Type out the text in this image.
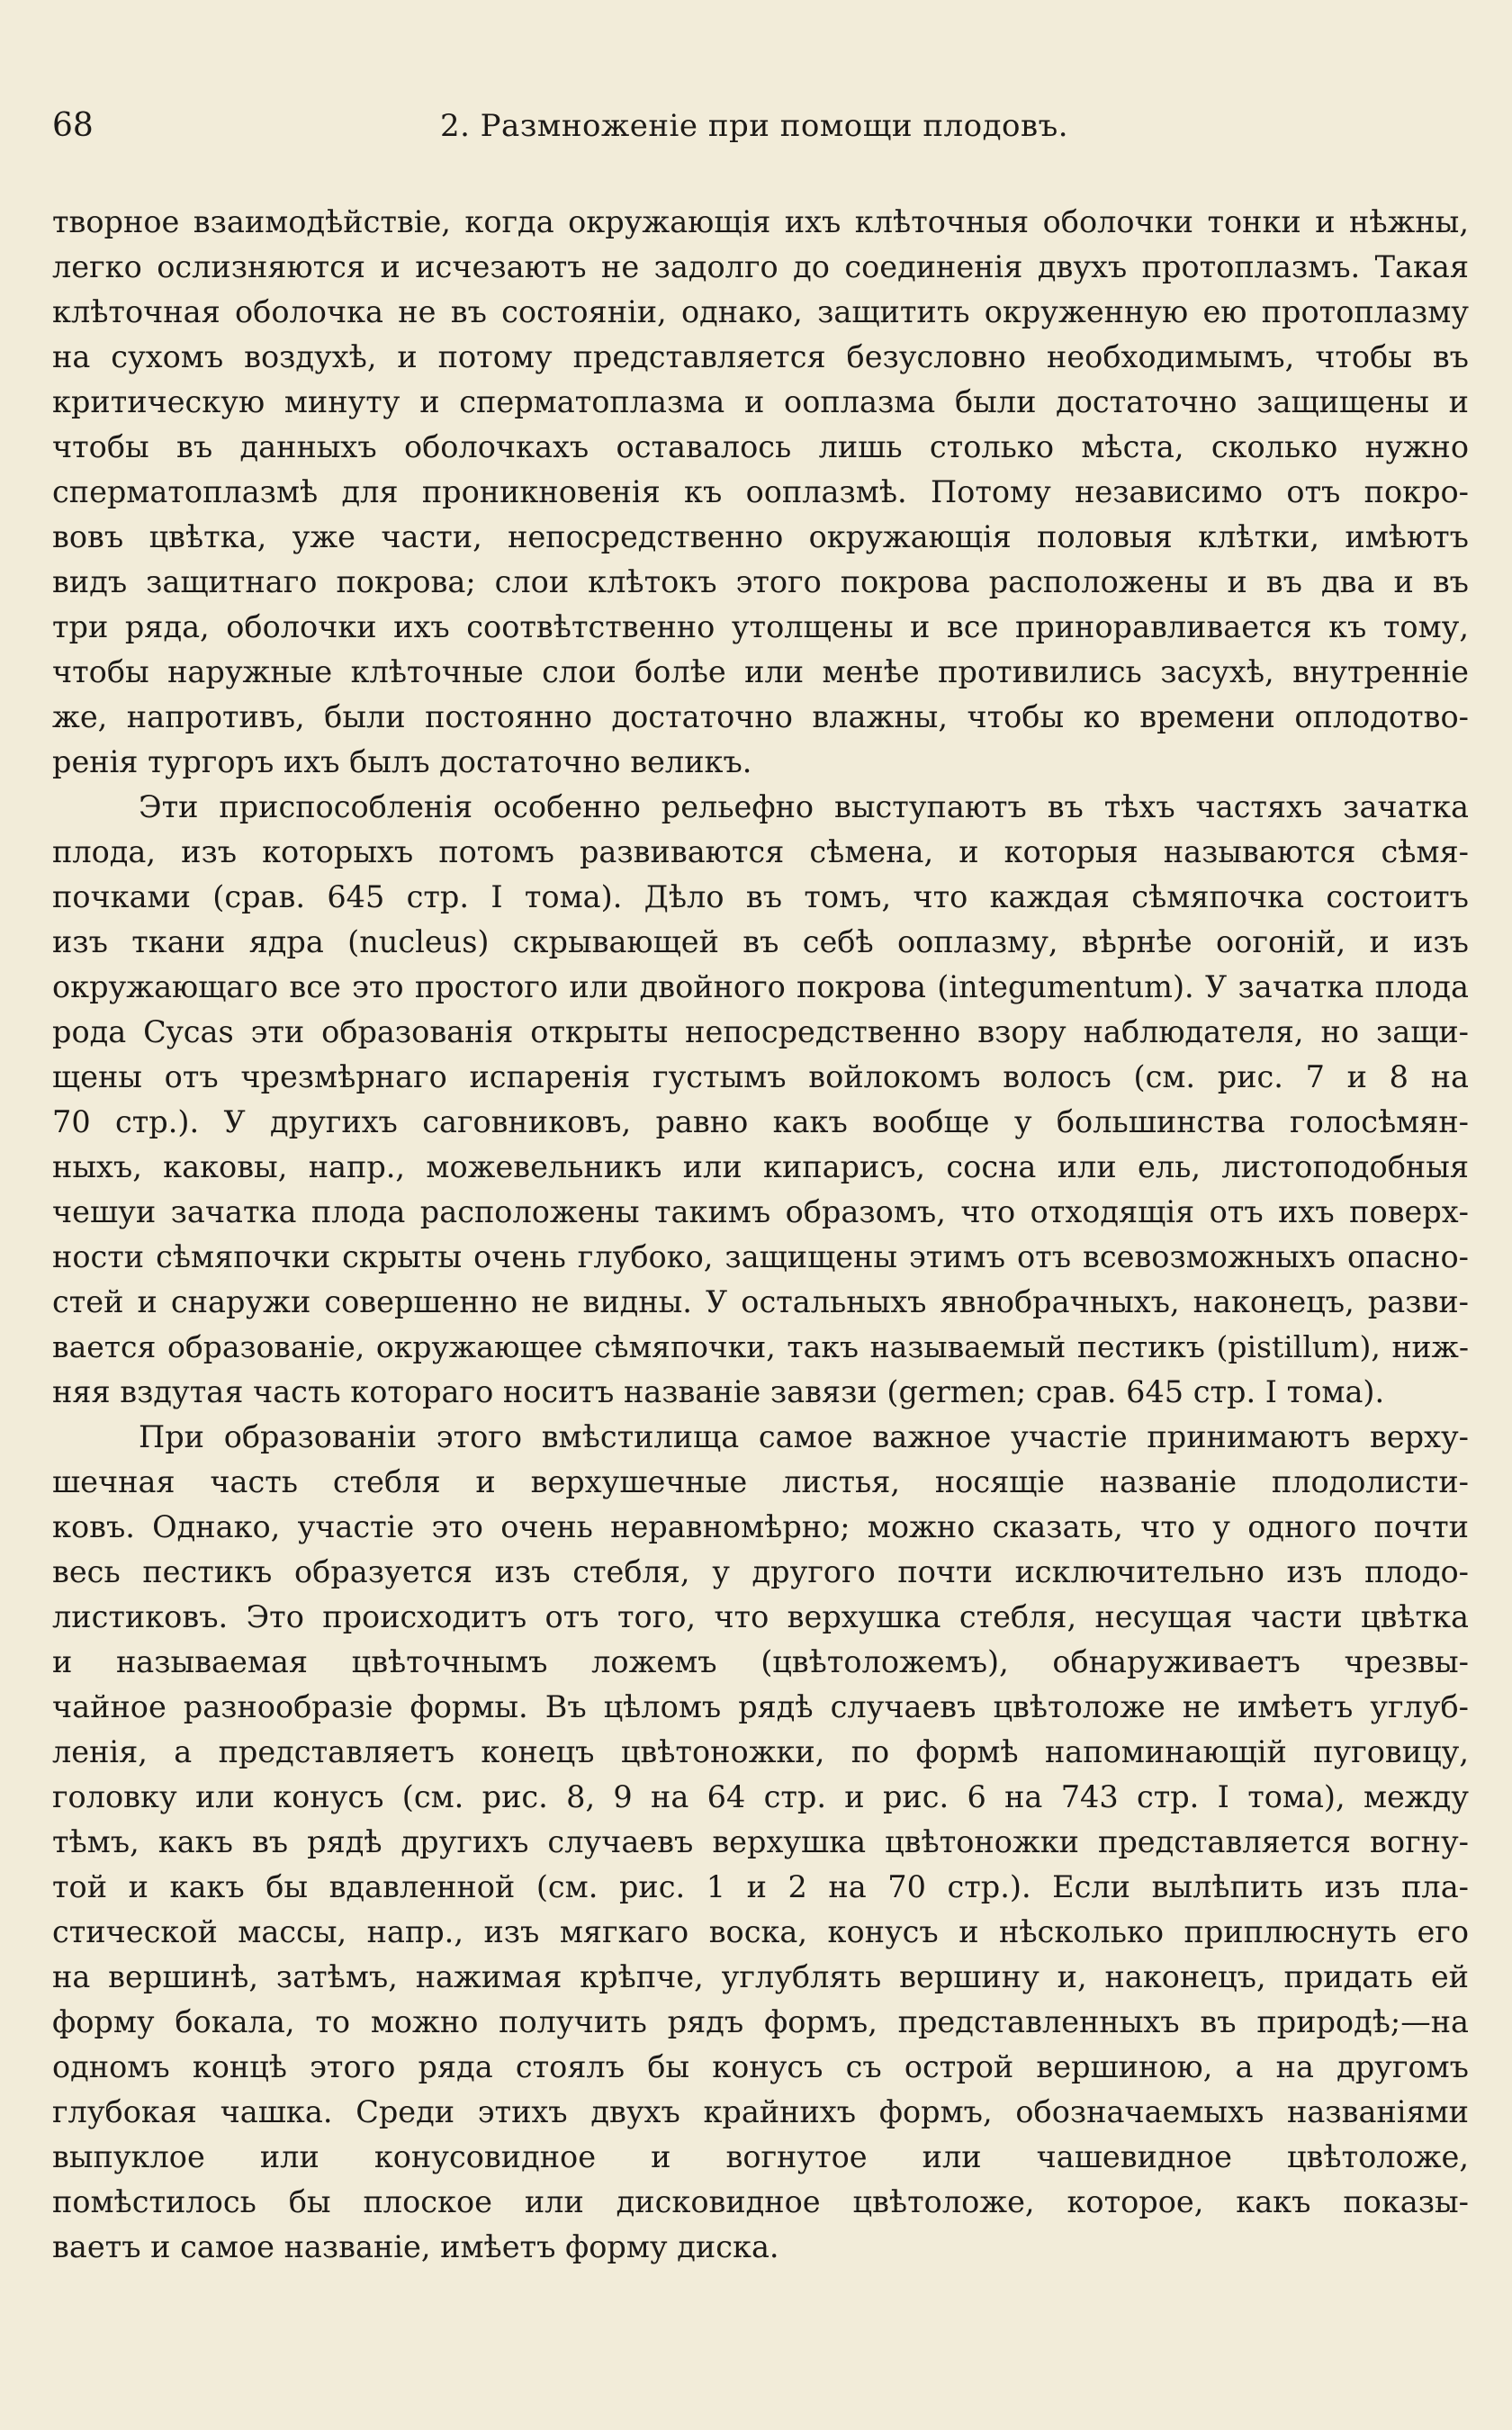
68	2. Размноженіе при помощи плодовъ.

творное взаимодѣйствіе, когда окружающія ихъ клѣточныя оболочки тонки и нѣжны,
легко ослизняются и исчезаютъ не задолго до соединенія двухъ протоплазмъ. Такая
клѣточная оболочка не въ состояніи, однако, защитить окруженную ею протоплазму
на сухомъ воздухѣ, и потому представляется безусловно необходимымъ, чтобы въ
критическую минуту и сперматоплазма и ооплазма были достаточно защищены и
чтобы въ данныхъ оболочкахъ оставалось лишь столько мѣста, сколько нужно
сперматоплазмѣ для проникновенія къ ооплазмѣ. Потому независимо отъ покро-
вовъ цвѣтка, уже части, непосредственно окружающія половыя клѣтки, имѣютъ
видъ защитнаго покрова; слои клѣтокъ этого покрова расположены и въ два и въ
три ряда, оболочки ихъ соотвѣтственно утолщены и все приноравливается къ тому,
чтобы наружные клѣточные слои болѣе или менѣе противились засухѣ, внутренніе
же, напротивъ, были постоянно достаточно влажны, чтобы ко времени оплодотво-
ренія тургоръ ихъ былъ достаточно великъ.

Эти приспособленія особенно рельефно выступаютъ въ тѣхъ частяхъ зачатка
плода, изъ которыхъ потомъ развиваются сѣмена, и которыя называются сѣмя-
почками (срав. 645 стр. I тома). Дѣло въ томъ, что каждая сѣмяпочка состоитъ
изъ ткани ядра (nucleus) скрывающей въ себѣ ооплазму, вѣрнѣе оогоній, и изъ
окружающаго все это простого или двойного покрова (integumentum). У зачатка плода
рода Cycas эти образованія открыты непосредственно взору наблюдателя, но защи-
щены отъ чрезмѣрнаго испаренія густымъ войлокомъ волосъ (см. рис. 7 и 8 на
70 стр.). У другихъ саговниковъ, равно какъ вообще у большинства голосѣмян-
ныхъ, каковы, напр., можевельникъ или кипарисъ, сосна или ель, листоподобныя
чешуи зачатка плода расположены такимъ образомъ, что отходящія отъ ихъ поверх-
ности сѣмяпочки скрыты очень глубоко, защищены этимъ отъ всевозможныхъ опасно-
стей и снаружи совершенно не видны. У остальныхъ явнобрачныхъ, наконецъ, разви-
вается образованіе, окружающее сѣмяпочки, такъ называемый пестикъ (pistillum), ниж-
няя вздутая часть котораго носитъ названіе завязи (germen; срав. 645 стр. I тома).

При образованіи этого вмѣстилища самое важное участіе принимаютъ верху-
шечная часть стебля и верхушечные листья, носящіе названіе плодолисти-
ковъ. Однако, участіе это очень неравномѣрно; можно сказать, что у одного почти
весь пестикъ образуется изъ стебля, у другого почти исключительно изъ плодо-
листиковъ. Это происходитъ отъ того, что верхушка стебля, несущая части цвѣтка
и называемая цвѣточнымъ ложемъ (цвѣтоложемъ), обнаруживаетъ чрезвы-
чайное разнообразіе формы. Въ цѣломъ рядѣ случаевъ цвѣтоложе не имѣетъ углуб-
ленія, а представляетъ конецъ цвѣтоножки, по формѣ напоминающій пуговицу,
головку или конусъ (см. рис. 8, 9 на 64 стр. и рис. 6 на 743 стр. I тома), между
тѣмъ, какъ въ рядѣ другихъ случаевъ верхушка цвѣтоножки представляется вогну-
той и какъ бы вдавленной (см. рис. 1 и 2 на 70 стр.). Если вылѣпить изъ пла-
стической массы, напр., изъ мягкаго воска, конусъ и нѣсколько приплюснуть его
на вершинѣ, затѣмъ, нажимая крѣпче, углублять вершину и, наконецъ, придать ей
форму бокала, то можно получить рядъ формъ, представленныхъ въ природѣ;—на
одномъ концѣ этого ряда стоялъ бы конусъ съ острой вершиною, а на другомъ
глубокая чашка. Среди этихъ двухъ крайнихъ формъ, обозначаемыхъ названіями
выпуклое или конусовидное и вогнутое или чашевидное цвѣтоложе,
помѣстилось бы плоское или дисковидное цвѣтоложе, которое, какъ показы-
ваетъ и самое названіе, имѣетъ форму диска.
